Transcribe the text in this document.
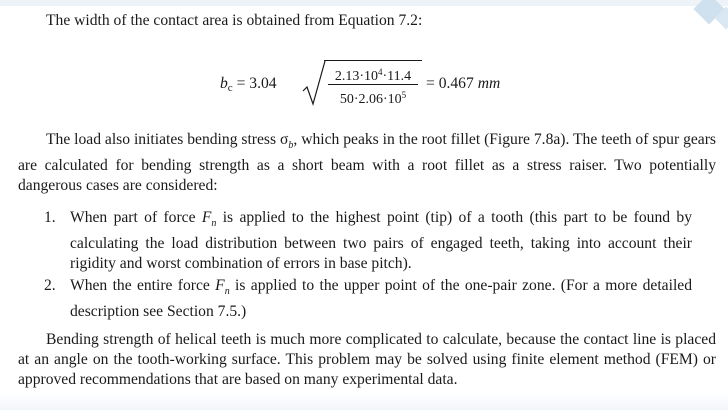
The width of the contact area is obtained from Equation 7.2:

$b_c = 3.04$	$2.13\cdot 10^4\cdot 11.4$
$50\cdot 2.06\cdot 10^5$
= 0.467 mm

The load also initiates bending stress $\sigma_b$, which peaks in the root fillet (Figure 7.8a). The teeth of spur gears are calculated for bending strength as a short beam with a root fillet as a stress raiser. Two potentially dangerous cases are considered:

1. When part of force $F_n$ is applied to the highest point (tip) of a tooth (this part to be found by calculating the load distribution between two pairs of engaged teeth, taking into account their rigidity and worst combination of errors in base pitch).
2. When the entire force $F_n$ is applied to the upper point of the one-pair zone. (For a more detailed description see Section 7.5.)

Bending strength of helical teeth is much more complicated to calculate, because the contact line is placed at an angle on the tooth-working surface. This problem may be solved using finite element method (FEM) or approved recommendations that are based on many experimental data.
